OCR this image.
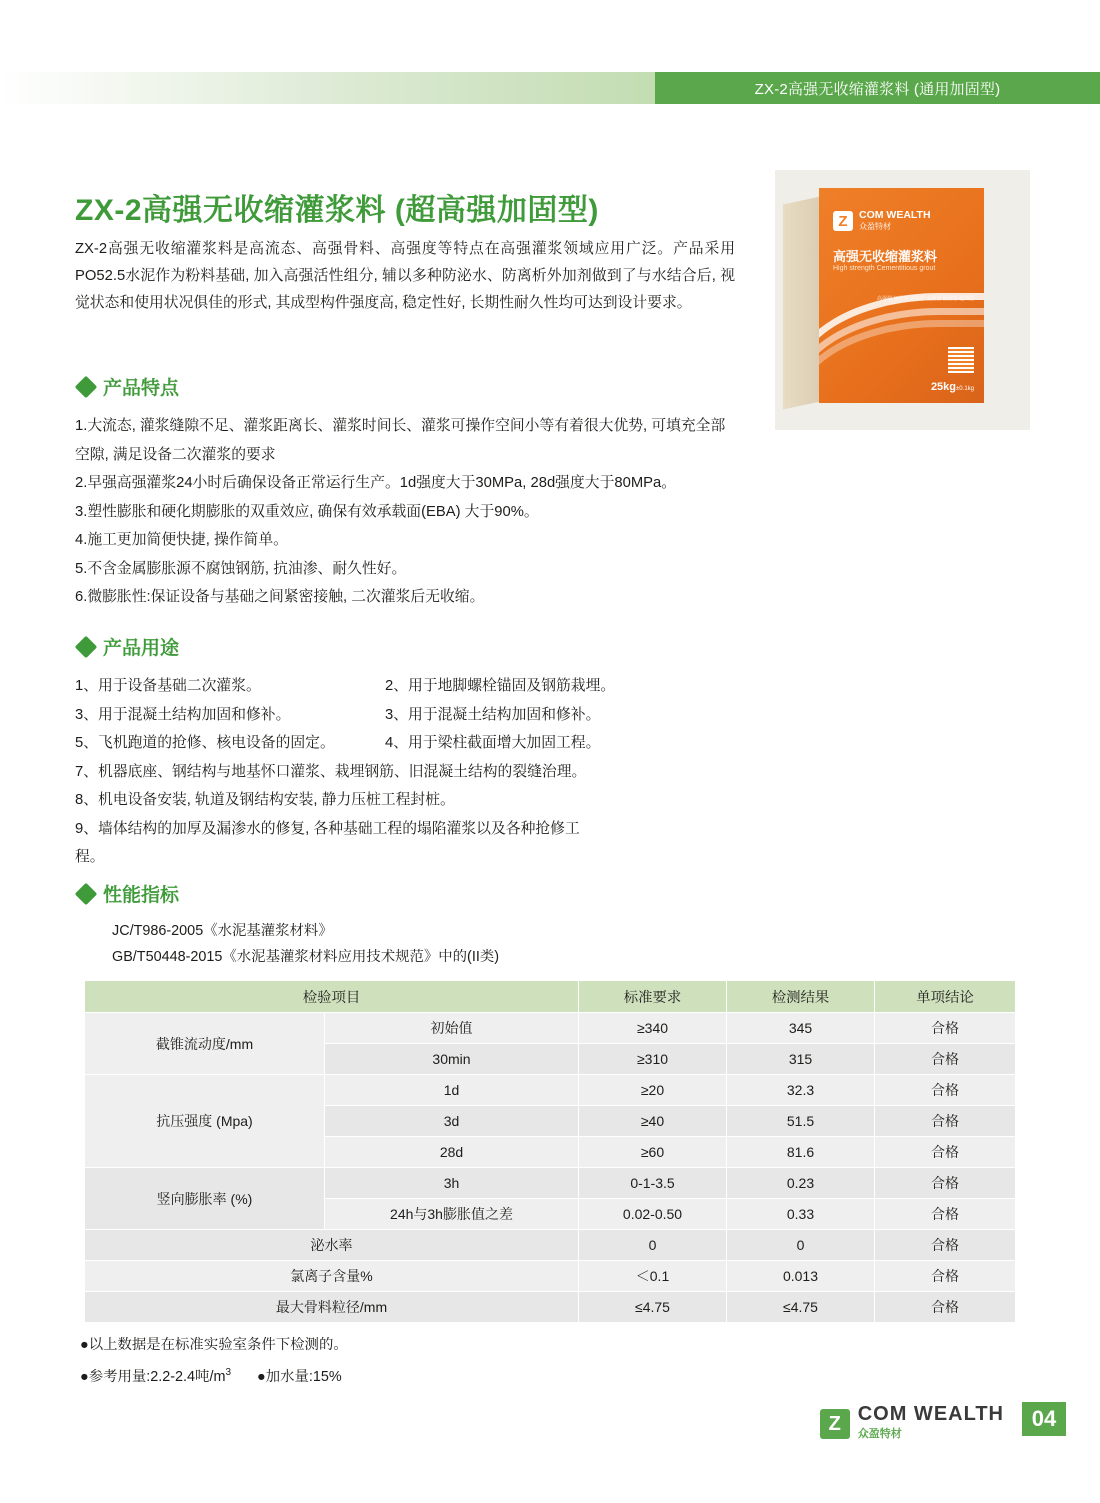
ZX-2高强无收缩灌浆料 (通用加固型)
Z	COM WEALTH
众盈特材
高强无收缩灌浆料
High strength Cementitious grout
高强型 加固型 通用型 支座型 锚固型 超细型
25kg±0.1kg
ZX-2高强无收缩灌浆料 (超高强加固型)
ZX-2高强无收缩灌浆料是高流态、高强骨料、高强度等特点在高强灌浆领域应用广泛。产品采用PO52.5水泥作为粉料基础, 加入高强活性组分, 辅以多种防泌水、防离析外加剂做到了与水结合后, 视觉状态和使用状况俱佳的形式, 其成型构件强度高, 稳定性好, 长期性耐久性均可达到设计要求。
产品特点
1.大流态, 灌浆缝隙不足、灌浆距离长、灌浆时间长、灌浆可操作空间小等有着很大优势, 可填充全部空隙, 满足设备二次灌浆的要求
2.早强高强灌浆24小时后确保设备正常运行生产。1d强度大于30MPa, 28d强度大于80MPa。
3.塑性膨胀和硬化期膨胀的双重效应, 确保有效承载面(EBA) 大于90%。
4.施工更加简便快捷, 操作简单。
5.不含金属膨胀源不腐蚀钢筋, 抗油渗、耐久性好。
6.微膨胀性:保证设备与基础之间紧密接触, 二次灌浆后无收缩。
产品用途
1、用于设备基础二次灌浆。	2、用于地脚螺栓锚固及钢筋栽埋。
3、用于混凝土结构加固和修补。	3、用于混凝土结构加固和修补。
5、飞机跑道的抢修、核电设备的固定。	4、用于梁柱截面增大加固工程。
7、机器底座、钢结构与地基怀口灌浆、栽埋钢筋、旧混凝土结构的裂缝治理。
8、机电设备安装, 轨道及钢结构安装, 静力压桩工程封桩。
9、墙体结构的加厚及漏渗水的修复, 各种基础工程的塌陷灌浆以及各种抢修工
程。
性能指标
JC/T986-2005《水泥基灌浆材料》
GB/T50448-2015《水泥基灌浆材料应用技术规范》中的(II类)
检验项目		标准要求	检测结果	单项结论
截锥流动度/mm	初始值	≥340	345	合格
	30min	≥310	315	合格
抗压强度 (Mpa)	1d	≥20	32.3	合格
	3d	≥40	51.5	合格
	28d	≥60	81.6	合格
竖向膨胀率 (%)	3h	0-1-3.5	0.23	合格
	24h与3h膨胀值之差	0.02-0.50	0.33	合格
泌水率		0	0	合格
氯离子含量%		＜0.1	0.013	合格
最大骨料粒径/mm		≤4.75	≤4.75	合格
●以上数据是在标准实验室条件下检测的。
●参考用量:2.2-2.4吨$/m^3$ ●加水量:15%
Z COM WEALTH
众盈特材
04
